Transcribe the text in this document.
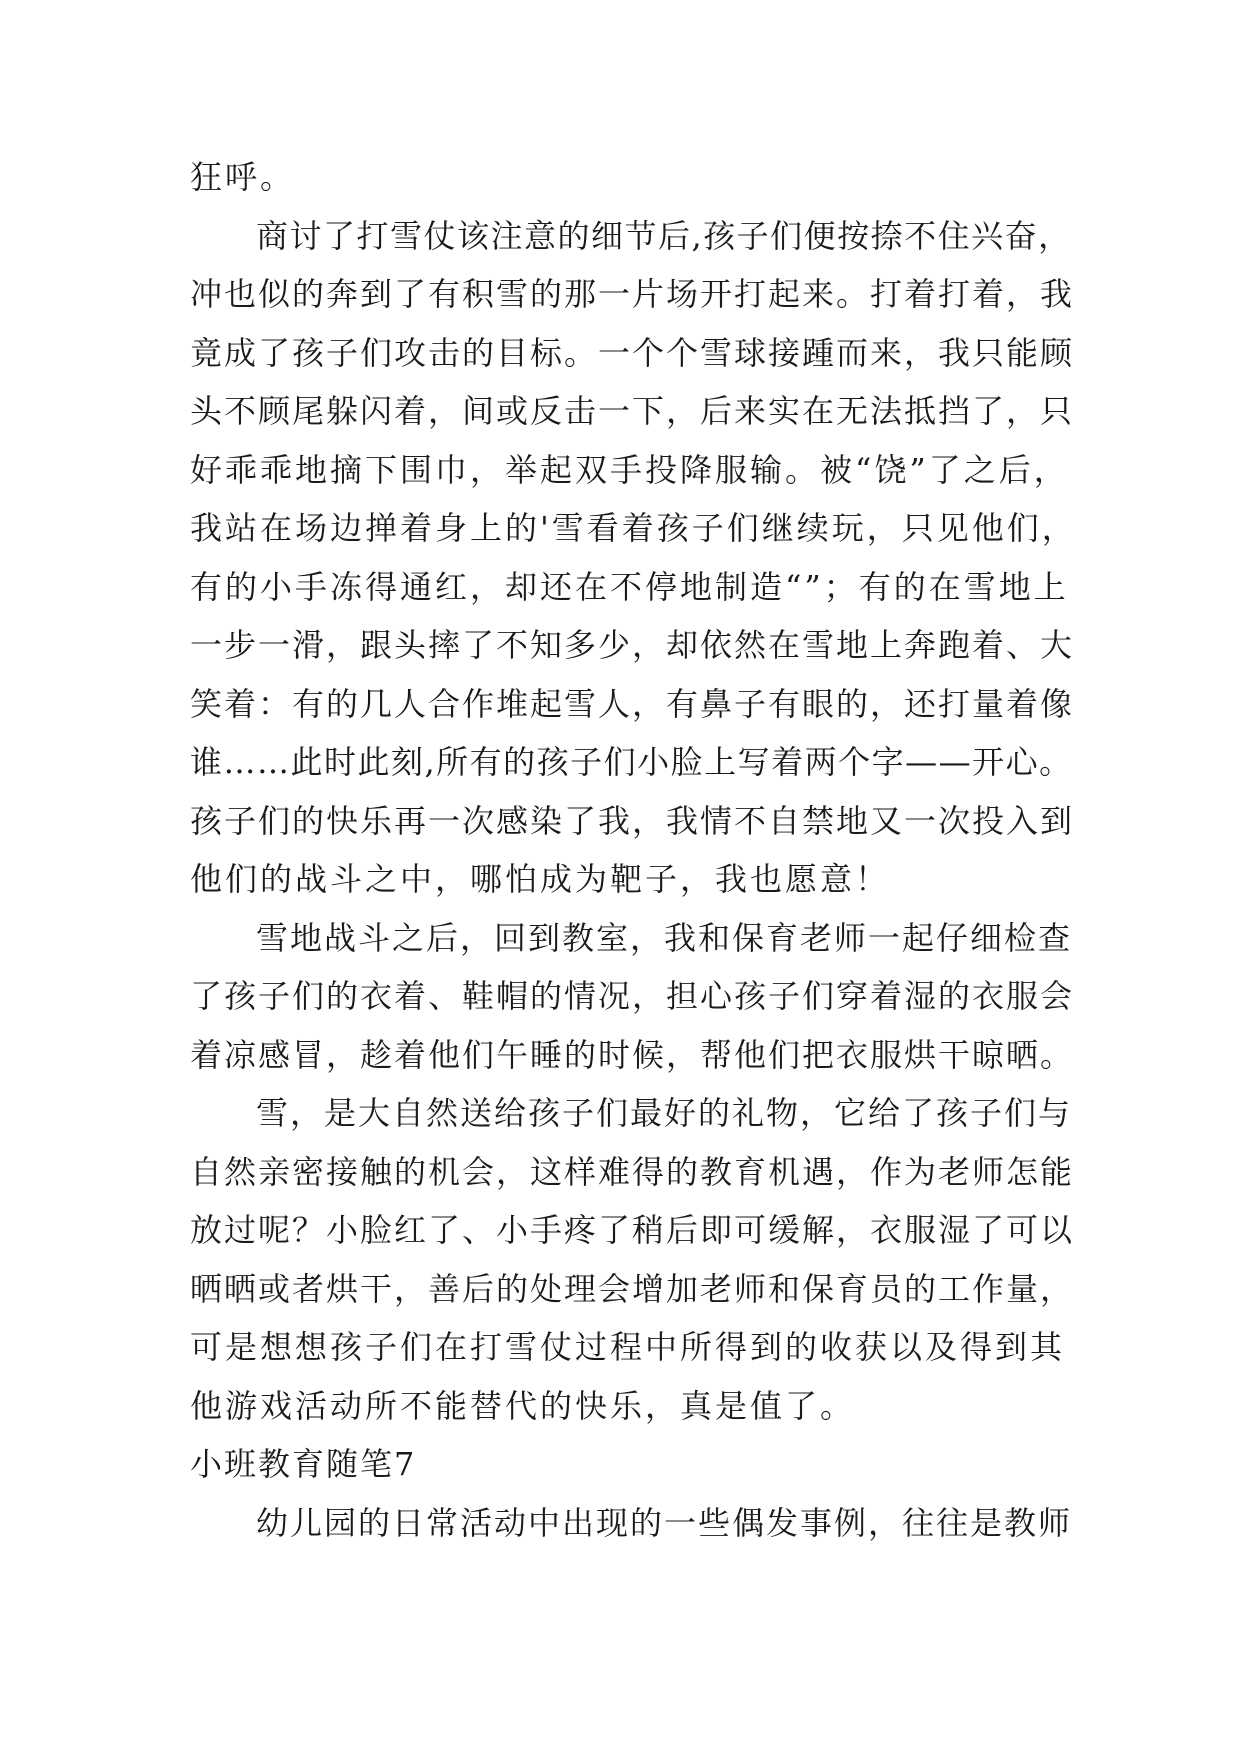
狂呼。
商讨了打雪仗该注意的细节后,孩子们便按捺不住兴奋，
冲也似的奔到了有积雪的那一片场开打起来。打着打着，我
竟成了孩子们攻击的目标。一个个雪球接踵而来，我只能顾
头不顾尾躲闪着，间或反击一下，后来实在无法抵挡了，只
好乖乖地摘下围巾，举起双手投降服输。被“饶”了之后，
我站在场边掸着身上的'雪看着孩子们继续玩，只见他们，
有的小手冻得通红，却还在不停地制造“”；有的在雪地上
一步一滑，跟头摔了不知多少，却依然在雪地上奔跑着、大
笑着：有的几人合作堆起雪人，有鼻子有眼的，还打量着像
谁……此时此刻,所有的孩子们小脸上写着两个字——开心。
孩子们的快乐再一次感染了我，我情不自禁地又一次投入到
他们的战斗之中，哪怕成为靶子，我也愿意！
雪地战斗之后，回到教室，我和保育老师一起仔细检查
了孩子们的衣着、鞋帽的情况，担心孩子们穿着湿的衣服会
着凉感冒，趁着他们午睡的时候，帮他们把衣服烘干晾晒。
雪，是大自然送给孩子们最好的礼物，它给了孩子们与
自然亲密接触的机会，这样难得的教育机遇，作为老师怎能
放过呢？小脸红了、小手疼了稍后即可缓解，衣服湿了可以
晒晒或者烘干，善后的处理会增加老师和保育员的工作量，
可是想想孩子们在打雪仗过程中所得到的收获以及得到其
他游戏活动所不能替代的快乐，真是值了。
小班教育随笔7
幼儿园的日常活动中出现的一些偶发事例，往往是教师
